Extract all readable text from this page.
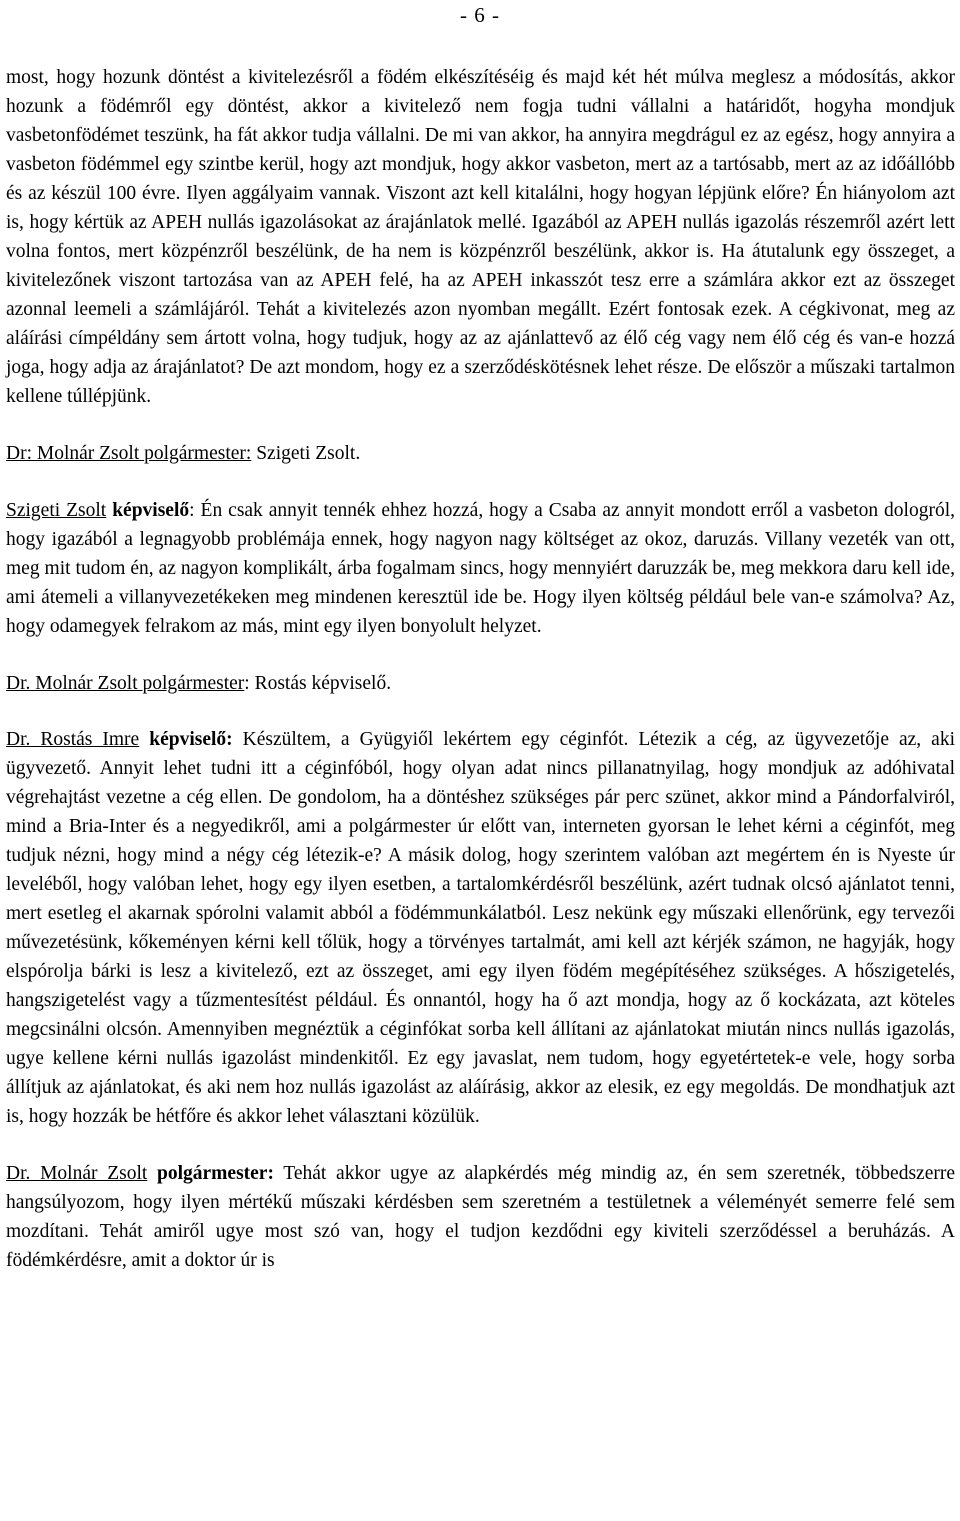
- 6 -

most, hogy hozunk döntést a kivitelezésről a födém elkészítéséig és majd két hét múlva meglesz a módosítás, akkor hozunk a födémről egy döntést, akkor a kivitelező nem fogja tudni vállalni a határidőt, hogyha mondjuk vasbetonfödémet teszünk, ha fát akkor tudja vállalni. De mi van akkor, ha annyira megdrágul ez az egész, hogy annyira a vasbeton födémmel egy szintbe kerül, hogy azt mondjuk, hogy akkor vasbeton, mert az a tartósabb, mert az az időállóbb és az készül 100 évre. Ilyen aggályaim vannak. Viszont azt kell kitalálni, hogy hogyan lépjünk előre? Én hiányolom azt is, hogy kértük az APEH nullás igazolásokat az árajánlatok mellé. Igazából az APEH nullás igazolás részemről azért lett volna fontos, mert közpénzről beszélünk, de ha nem is közpénzről beszélünk, akkor is. Ha átutalunk egy összeget, a kivitelezőnek viszont tartozása van az APEH felé, ha az APEH inkasszót tesz erre a számlára akkor ezt az összeget azonnal leemeli a számlájáról. Tehát a kivitelezés azon nyomban megállt. Ezért fontosak ezek. A cégkivonat, meg az aláírási címpéldány sem ártott volna, hogy tudjuk, hogy az az ajánlattevő az élő cég vagy nem élő cég és van-e hozzá joga, hogy adja az árajánlatot? De azt mondom, hogy ez a szerződéskötésnek lehet része. De először a műszaki tartalmon kellene túllépjünk.

Dr: Molnár Zsolt polgármester: Szigeti Zsolt.

Szigeti Zsolt képviselő: Én csak annyit tennék ehhez hozzá, hogy a Csaba az annyit mondott erről a vasbeton dologról, hogy igazából a legnagyobb problémája ennek, hogy nagyon nagy költséget az okoz, daruzás. Villany vezeték van ott, meg mit tudom én, az nagyon komplikált, árba fogalmam sincs, hogy mennyiért daruzzák be, meg mekkora daru kell ide, ami átemeli a villanyvezetékeken meg mindenen keresztül ide be. Hogy ilyen költség például bele van-e számolva? Az, hogy odamegyek felrakom az más, mint egy ilyen bonyolult helyzet.

Dr. Molnár Zsolt polgármester: Rostás képviselő.

Dr. Rostás Imre képviselő: Készültem, a Gyügyiől lekértem egy céginfót. Létezik a cég, az ügyvezetője az, aki ügyvezető. Annyit lehet tudni itt a céginfóból, hogy olyan adat nincs pillanatnyilag, hogy mondjuk az adóhivatal végrehajtást vezetne a cég ellen. De gondolom, ha a döntéshez szükséges pár perc szünet, akkor mind a Pándorfalviról, mind a Bria-Inter és a negyedikről, ami a polgármester úr előtt van, interneten gyorsan le lehet kérni a céginfót, meg tudjuk nézni, hogy mind a négy cég létezik-e? A másik dolog, hogy szerintem valóban azt megértem én is Nyeste úr leveléből, hogy valóban lehet, hogy egy ilyen esetben, a tartalomkérdésről beszélünk, azért tudnak olcsó ajánlatot tenni, mert esetleg el akarnak spórolni valamit abból a födémmunkálatból. Lesz nekünk egy műszaki ellenőrünk, egy tervezői művezetésünk, kőkeményen kérni kell tőlük, hogy a törvényes tartalmát, ami kell azt kérjék számon, ne hagyják, hogy elspórolja bárki is lesz a kivitelező, ezt az összeget, ami egy ilyen födém megépítéséhez szükséges. A hőszigetelés, hangszigetelést vagy a tűzmentesítést például. És onnantól, hogy ha ő azt mondja, hogy az ő kockázata, azt köteles megcsinálni olcsón. Amennyiben megnéztük a céginfókat sorba kell állítani az ajánlatokat miután nincs nullás igazolás, ugye kellene kérni nullás igazolást mindenkitől. Ez egy javaslat, nem tudom, hogy egyetértetek-e vele, hogy sorba állítjuk az ajánlatokat, és aki nem hoz nullás igazolást az aláírásig, akkor az elesik, ez egy megoldás. De mondhatjuk azt is, hogy hozzák be hétfőre és akkor lehet választani közülük.

Dr. Molnár Zsolt polgármester: Tehát akkor ugye az alapkérdés még mindig az, én sem szeretnék, többedszerre hangsúlyozom, hogy ilyen mértékű műszaki kérdésben sem szeretném a testületnek a véleményét semerre felé sem mozdítani. Tehát amiről ugye most szó van, hogy el tudjon kezdődni egy kiviteli szerződéssel a beruházás. A födémkérdésre, amit a doktor úr is
